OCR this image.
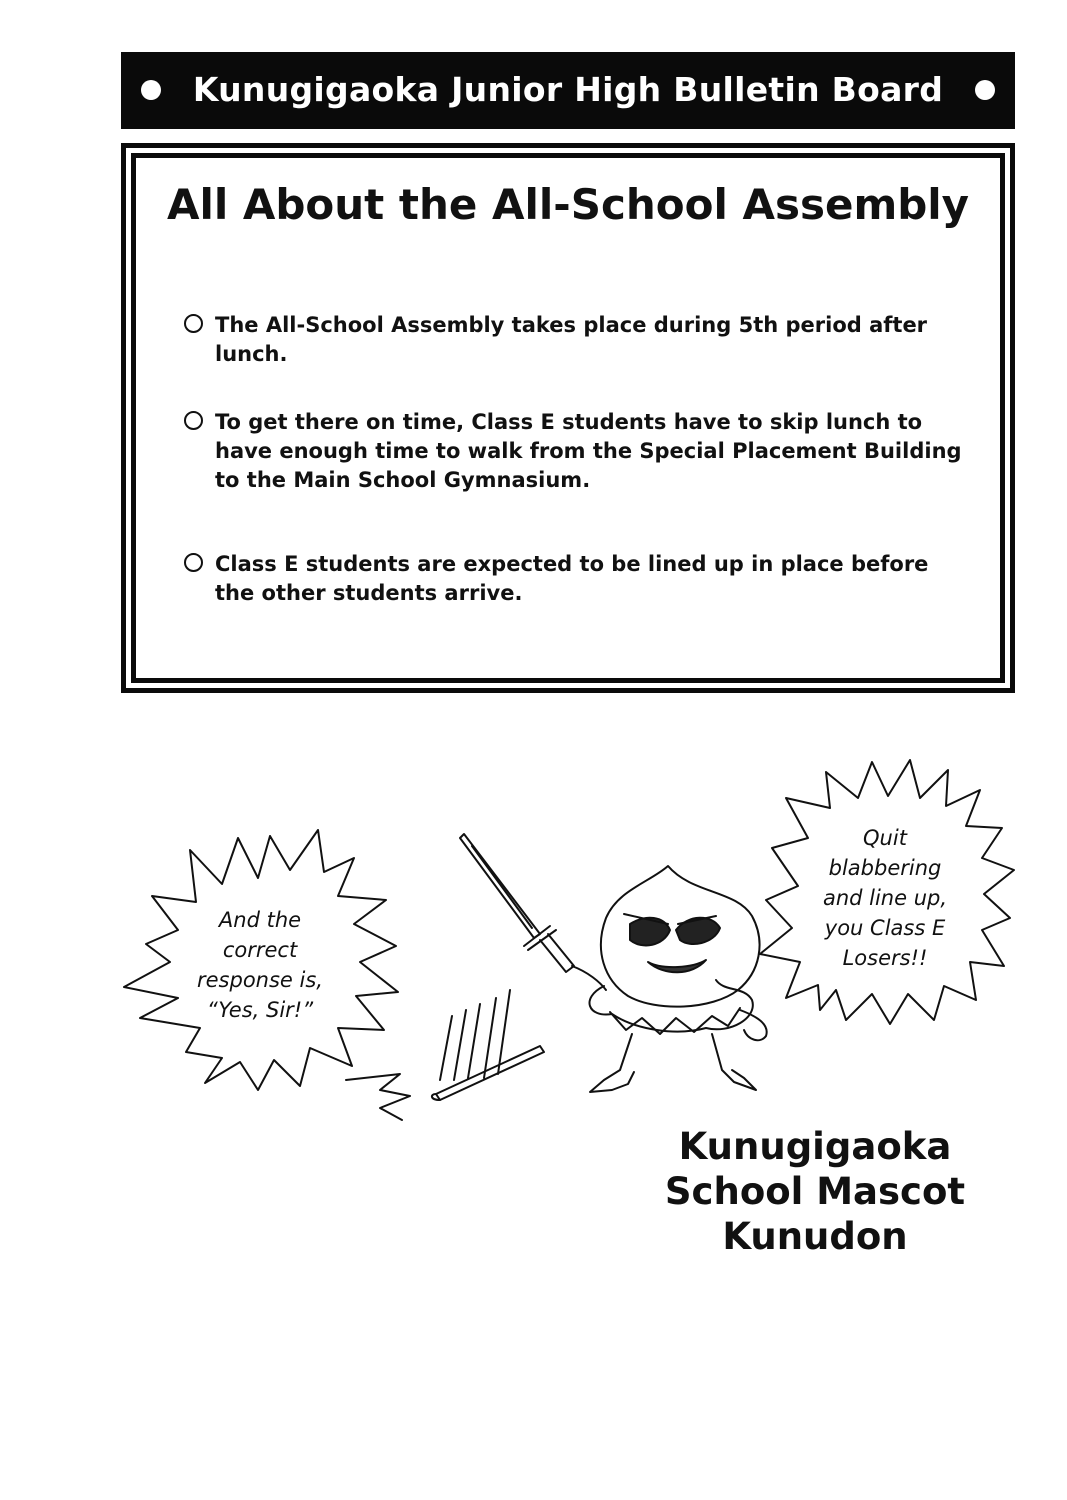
Kunugigaoka Junior High Bulletin Board
All About the All-School Assembly
The All-School Assembly takes place during 5th period after lunch.
To get there on time, Class E students have to skip lunch to have enough time to walk from the Special Placement Building to the Main School Gymnasium.
Class E students are expected to be lined up in place before the other students arrive.
And the
correct
response is,
“Yes, Sir!”
Quit
blabbering
and line up,
you Class E
Losers!!
Kunugigaoka
School Mascot
Kunudon
